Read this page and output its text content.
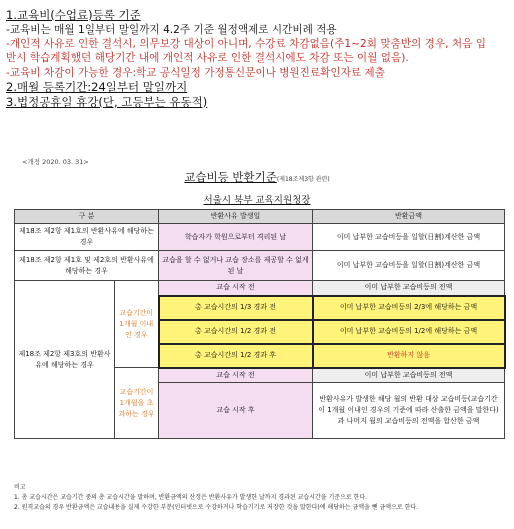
1.교육비(수업료)등록 기준
-교육비는 매월 1일부터 말일까지 4.2주 기준 월정액제로 시간비례 적용
-개인적 사유로 인한 결석시, 의무보강 대상이 아니며, 수강료 차감없음(주1~2회 맞춤반의 경우, 처음 입
반시 학습계획했던 해당기간 내에 개인적 사유로 인한 결석시에도 차감 또는 이월 없음).
-교육비 차감이 가능한 경우:학교 공식일정 가정통신문이나 병원진료확인자료 제출
2.매월 등록기간:24일부터 말일까지
3.법정공휴일 휴강(단, 고등부는 유동적)
<개정 2020. 03. 31>
교습비등 반환기준(제18조제3항 관련)
서울시 북부 교육지원청장
구 분		반환사유 발생일	반환금액
제18조 제2항 제1호의 반환사유에 해당하는 경우		학습자가 학원으로부터 격리된 날	이미 납부한 교습비등을 일할(日割)계산한 금액
제18조 제2항 제1호 및 제2호의 반환사유에 해당하는 경우		교습을 할 수 없거나 교습 장소를 제공할 수 없게 된 날	이미 납부한 교습비등을 일할(日割)계산한 금액
제18조 제2항 제3호의 반환사유에 해당하는 경우	교습기간이 1개월 이내인 경우	교습 시작 전	이미 납부한 교습비등의 전액
		총 교습시간의 1/3 경과 전	이미 납부한 교습비등의 2/3에 해당하는 금액
		총 교습시간의 1/2 경과 전	이미 납부한 교습비등의 1/2에 해당하는 금액
		총 교습시간의 1/2 경과 후	반환하지 않음
	교습기간이 1개월을 초과하는 경우	교습 시작 전	이미 납부한 교습비등의 전액
		교습 시작 후	반환사유가 발생한 해당 월의 반환 대상 교습비등(교습기간이 1개월 이내인 경우의 기준에 따라 산출한 금액을 말한다)과 나머지 월의 교습비등의 전액을 합산한 금액
비고
1. 총 교습시간은 교습기간 중의 총 교습시간을 말하며, 반환금액의 산정은 반환사유가 발생한 날까지 경과된 교습시간을 기준으로 한다.
2. 원격교습의 경우 반환금액은 교습내용을 실제 수강한 부분(인터넷으로 수강하거나 학습기기로 저장한 것을 말한다)에 해당하는 금액을 뺀 금액으로 한다.
